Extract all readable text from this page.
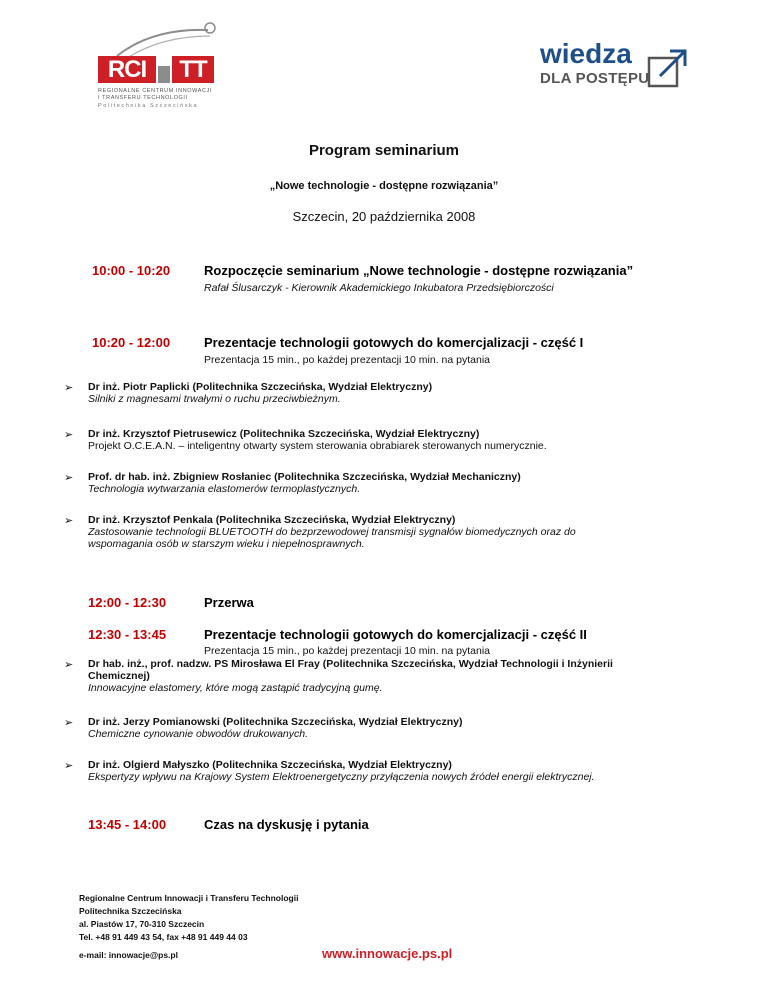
RCI	TT
REGIONALNE CENTRUM INNOWACJI
I TRANSFERU TECHNOLOGII
Politechnika Szczecińska
wiedza
DLA POSTĘPU
Program seminarium
„Nowe technologie - dostępne rozwiązania”
Szczecin, 20 października 2008
10:00 - 10:20	Rozpoczęcie seminarium „Nowe technologie - dostępne rozwiązania”
Rafał Ślusarczyk - Kierownik Akademickiego Inkubatora Przedsiębiorczości
10:20 - 12:00	Prezentacje technologii gotowych do komercjalizacji - część I
Prezentacja 15 min., po każdej prezentacji 10 min. na pytania
➢ Dr inż. Piotr Paplicki (Politechnika Szczecińska, Wydział Elektryczny)
Silniki z magnesami trwałymi o ruchu przeciwbieżnym.
➢ Dr inż. Krzysztof Pietrusewicz (Politechnika Szczecińska, Wydział Elektryczny)
Projekt O.C.E.A.N. – inteligentny otwarty system sterowania obrabiarek sterowanych numerycznie.
➢ Prof. dr hab. inż. Zbigniew Rosłaniec (Politechnika Szczecińska, Wydział Mechaniczny)
Technologia wytwarzania elastomerów termoplastycznych.
➢ Dr inż. Krzysztof Penkala (Politechnika Szczecińska, Wydział Elektryczny)
Zastosowanie technologii BLUETOOTH do bezprzewodowej transmisji sygnałów biomedycznych oraz do
wspomagania osób w starszym wieku i niepełnosprawnych.
12:00 - 12:30	Przerwa
12:30 - 13:45	Prezentacje technologii gotowych do komercjalizacji - część II
Prezentacja 15 min., po każdej prezentacji 10 min. na pytania
➢ Dr hab. inż., prof. nadzw. PS Mirosława El Fray (Politechnika Szczecińska, Wydział Technologii i Inżynierii
Chemicznej)
Innowacyjne elastomery, które mogą zastąpić tradycyjną gumę.
➢ Dr inż. Jerzy Pomianowski (Politechnika Szczecińska, Wydział Elektryczny)
Chemiczne cynowanie obwodów drukowanych.
➢ Dr inż. Olgierd Małyszko (Politechnika Szczecińska, Wydział Elektryczny)
Ekspertyzy wpływu na Krajowy System Elektroenergetyczny przyłączenia nowych źródeł energii elektrycznej.
13:45 - 14:00	Czas na dyskusję i pytania
Regionalne Centrum Innowacji i Transferu Technologii
Politechnika Szczecińska
al. Piastów 17, 70-310 Szczecin
Tel. +48 91 449 43 54, fax +48 91 449 44 03
e-mail: innowacje@ps.pl	www.innowacje.ps.pl
